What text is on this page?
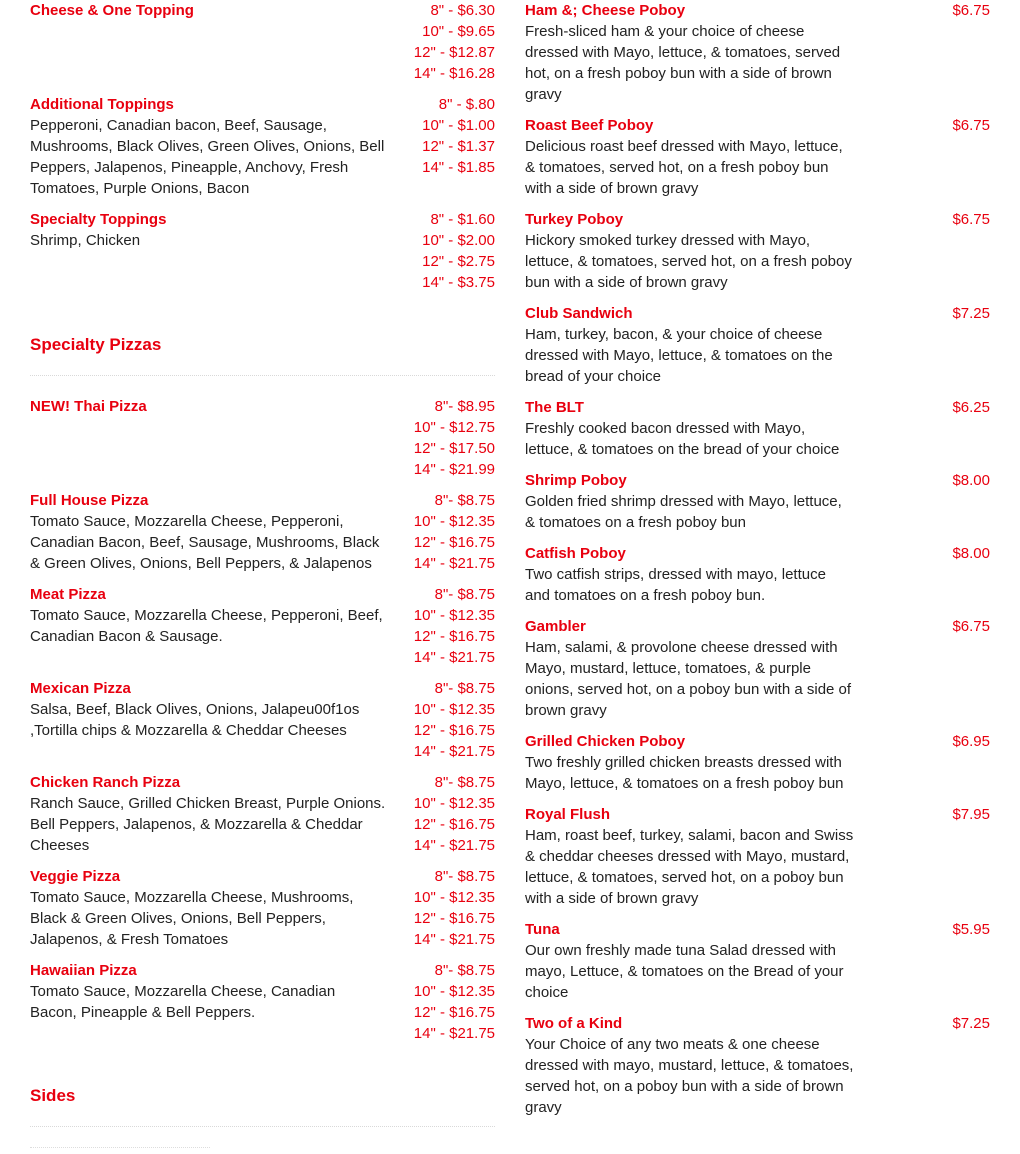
Cheese & One Topping	8" - $6.30
10" - $9.65
12" - $12.87
14" - $16.28
Additional Toppings
Pepperoni, Canadian bacon, Beef, Sausage, Mushrooms, Black Olives, Green Olives, Onions, Bell Peppers, Jalapenos, Pineapple, Anchovy, Fresh Tomatoes, Purple Onions, Bacon
8" - $.80
10" - $1.00
12" - $1.37
14" - $1.85
Specialty Toppings
Shrimp, Chicken
8" - $1.60
10" - $2.00
12" - $2.75
14" - $3.75
Specialty Pizzas
NEW! Thai Pizza	8"- $8.95
10" - $12.75
12" - $17.50
14" - $21.99
Full House Pizza
Tomato Sauce, Mozzarella Cheese, Pepperoni, Canadian Bacon, Beef, Sausage, Mushrooms, Black & Green Olives, Onions, Bell Peppers, & Jalapenos
8"- $8.75
10" - $12.35
12" - $16.75
14" - $21.75
Meat Pizza
Tomato Sauce, Mozzarella Cheese, Pepperoni, Beef, Canadian Bacon & Sausage.
8"- $8.75
10" - $12.35
12" - $16.75
14" - $21.75
Mexican Pizza
Salsa, Beef, Black Olives, Onions, Jalapeu00f1os ,Tortilla chips & Mozzarella & Cheddar Cheeses
8"- $8.75
10" - $12.35
12" - $16.75
14" - $21.75
Chicken Ranch Pizza
Ranch Sauce, Grilled Chicken Breast, Purple Onions. Bell Peppers, Jalapenos, & Mozzarella & Cheddar Cheeses
8"- $8.75
10" - $12.35
12" - $16.75
14" - $21.75
Veggie Pizza
Tomato Sauce, Mozzarella Cheese, Mushrooms, Black & Green Olives, Onions, Bell Peppers, Jalapenos, & Fresh Tomatoes
8"- $8.75
10" - $12.35
12" - $16.75
14" - $21.75
Hawaiian Pizza
Tomato Sauce, Mozzarella Cheese, Canadian Bacon, Pineapple & Bell Peppers.
8"- $8.75
10" - $12.35
12" - $16.75
14" - $21.75
Sides
Ham &; Cheese Poboy
Fresh-sliced ham & your choice of cheese dressed with Mayo, lettuce, & tomatoes, served hot, on a fresh poboy bun with a side of brown gravy
$6.75
Roast Beef Poboy
Delicious roast beef dressed with Mayo, lettuce, & tomatoes, served hot, on a fresh poboy bun with a side of brown gravy
$6.75
Turkey Poboy
Hickory smoked turkey dressed with Mayo, lettuce, & tomatoes, served hot, on a fresh poboy bun with a side of brown gravy
$6.75
Club Sandwich
Ham, turkey, bacon, & your choice of cheese dressed with Mayo, lettuce, & tomatoes on the bread of your choice
$7.25
The BLT
Freshly cooked bacon dressed with Mayo, lettuce, & tomatoes on the bread of your choice
$6.25
Shrimp Poboy
Golden fried shrimp dressed with Mayo, lettuce, & tomatoes on a fresh poboy bun
$8.00
Catfish Poboy
Two catfish strips, dressed with mayo, lettuce and tomatoes on a fresh poboy bun.
$8.00
Gambler
Ham, salami, & provolone cheese dressed with Mayo, mustard, lettuce, tomatoes, & purple onions, served hot, on a poboy bun with a side of brown gravy
$6.75
Grilled Chicken Poboy
Two freshly grilled chicken breasts dressed with Mayo, lettuce, & tomatoes on a fresh poboy bun
$6.95
Royal Flush
Ham, roast beef, turkey, salami, bacon and Swiss & cheddar cheeses dressed with Mayo, mustard, lettuce, & tomatoes, served hot, on a poboy bun with a side of brown gravy
$7.95
Tuna
Our own freshly made tuna Salad dressed with mayo, Lettuce, & tomatoes on the Bread of your choice
$5.95
Two of a Kind
Your Choice of any two meats & one cheese dressed with mayo, mustard, lettuce, & tomatoes, served hot, on a poboy bun with a side of brown gravy
$7.25
